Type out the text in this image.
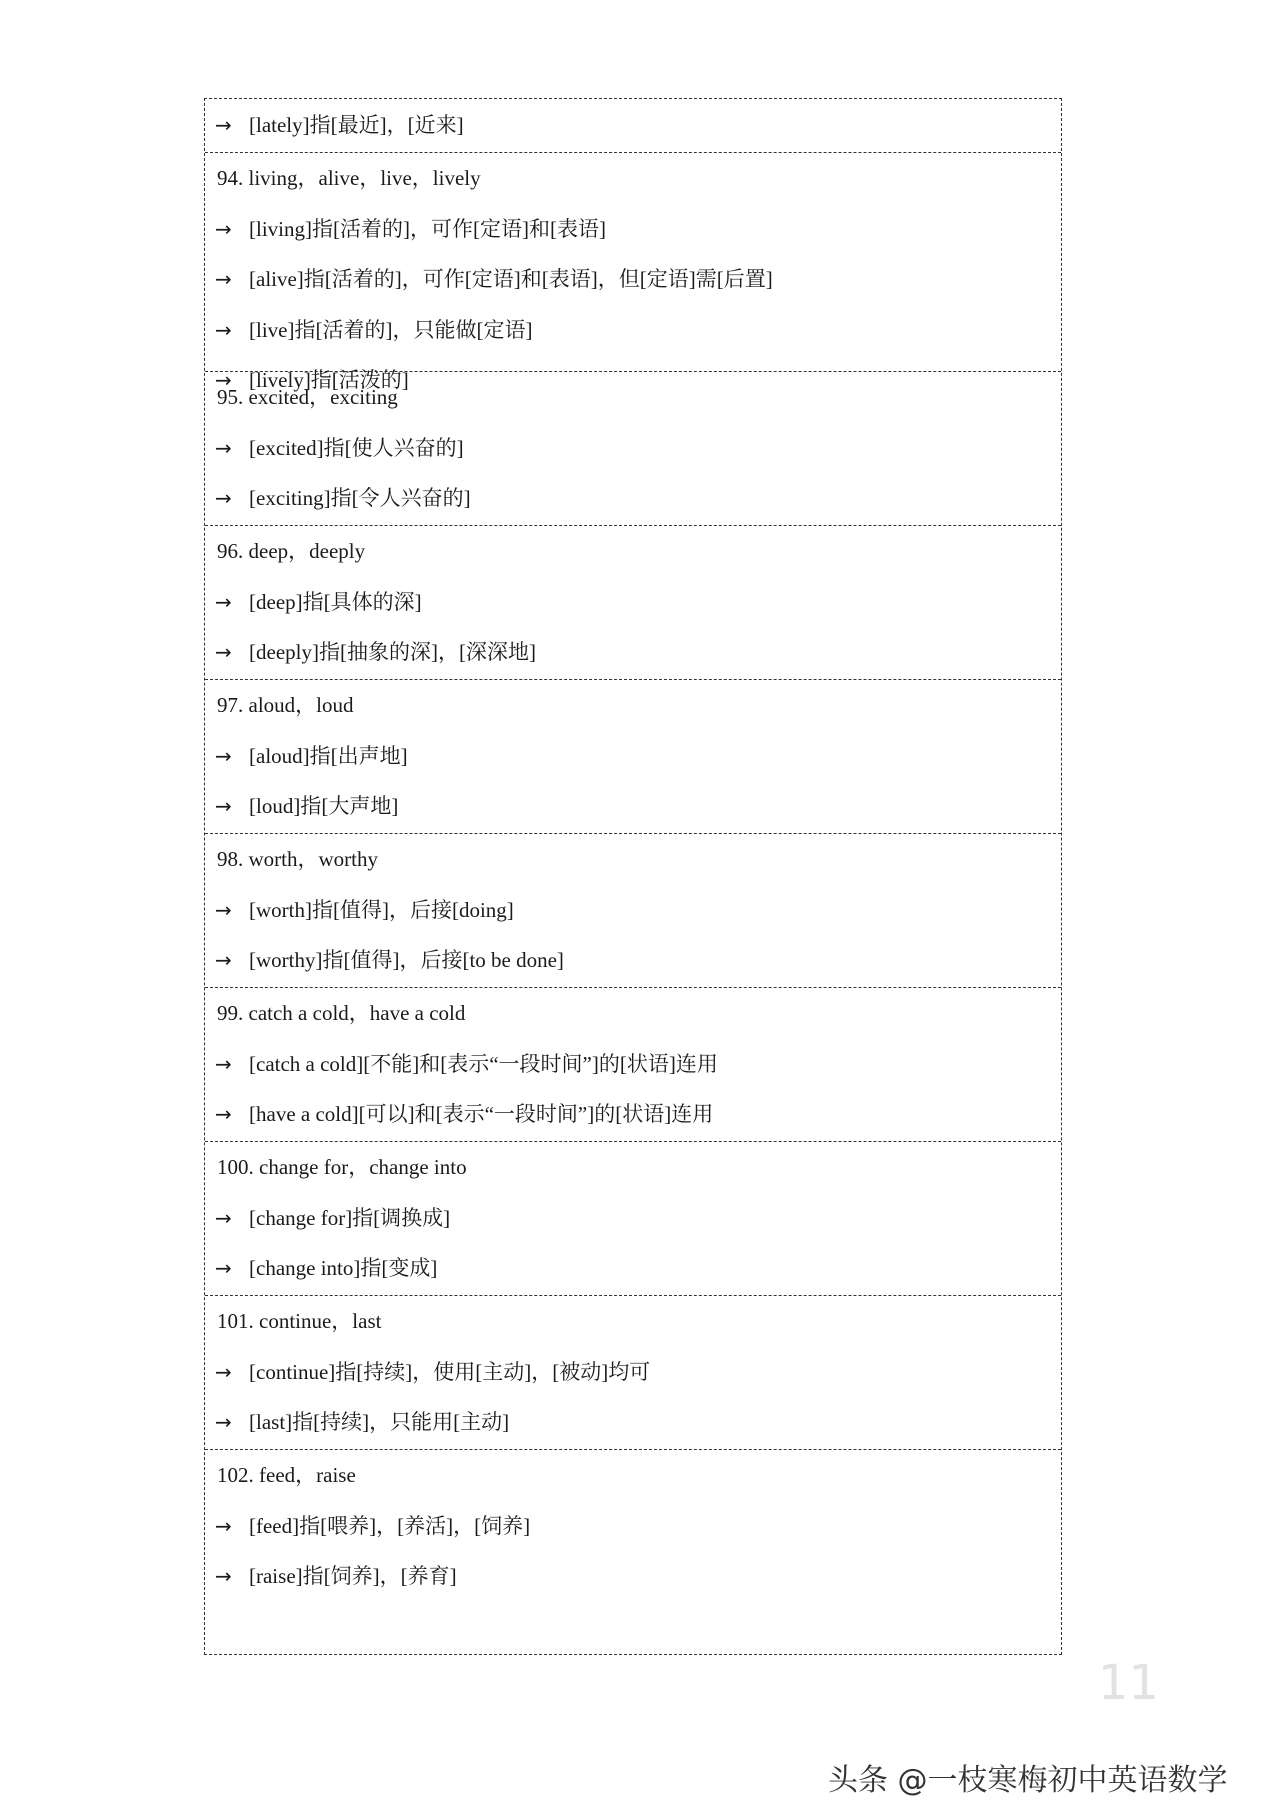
→ [lately]指[最近]，[近来]
94. living，alive，live，lively
→ [living]指[活着的]，可作[定语]和[表语]
→ [alive]指[活着的]，可作[定语]和[表语]，但[定语]需[后置]
→ [live]指[活着的]，只能做[定语]
→ [lively]指[活泼的]
95. excited，exciting
→ [excited]指[使人兴奋的]
→ [exciting]指[令人兴奋的]
96. deep，deeply
→ [deep]指[具体的深]
→ [deeply]指[抽象的深]，[深深地]
97. aloud，loud
→ [aloud]指[出声地]
→ [loud]指[大声地]
98. worth，worthy
→ [worth]指[值得]，后接[doing]
→ [worthy]指[值得]，后接[to be done]
99. catch a cold，have a cold
→ [catch a cold][不能]和[表示“一段时间”]的[状语]连用
→ [have a cold][可以]和[表示“一段时间”]的[状语]连用
100. change for，change into
→ [change for]指[调换成]
→ [change into]指[变成]
101. continue，last
→ [continue]指[持续]，使用[主动]，[被动]均可
→ [last]指[持续]，只能用[主动]
102. feed，raise
→ [feed]指[喂养]，[养活]，[饲养]
→ [raise]指[饲养]，[养育]
11
头条 @一枝寒梅初中英语数学
